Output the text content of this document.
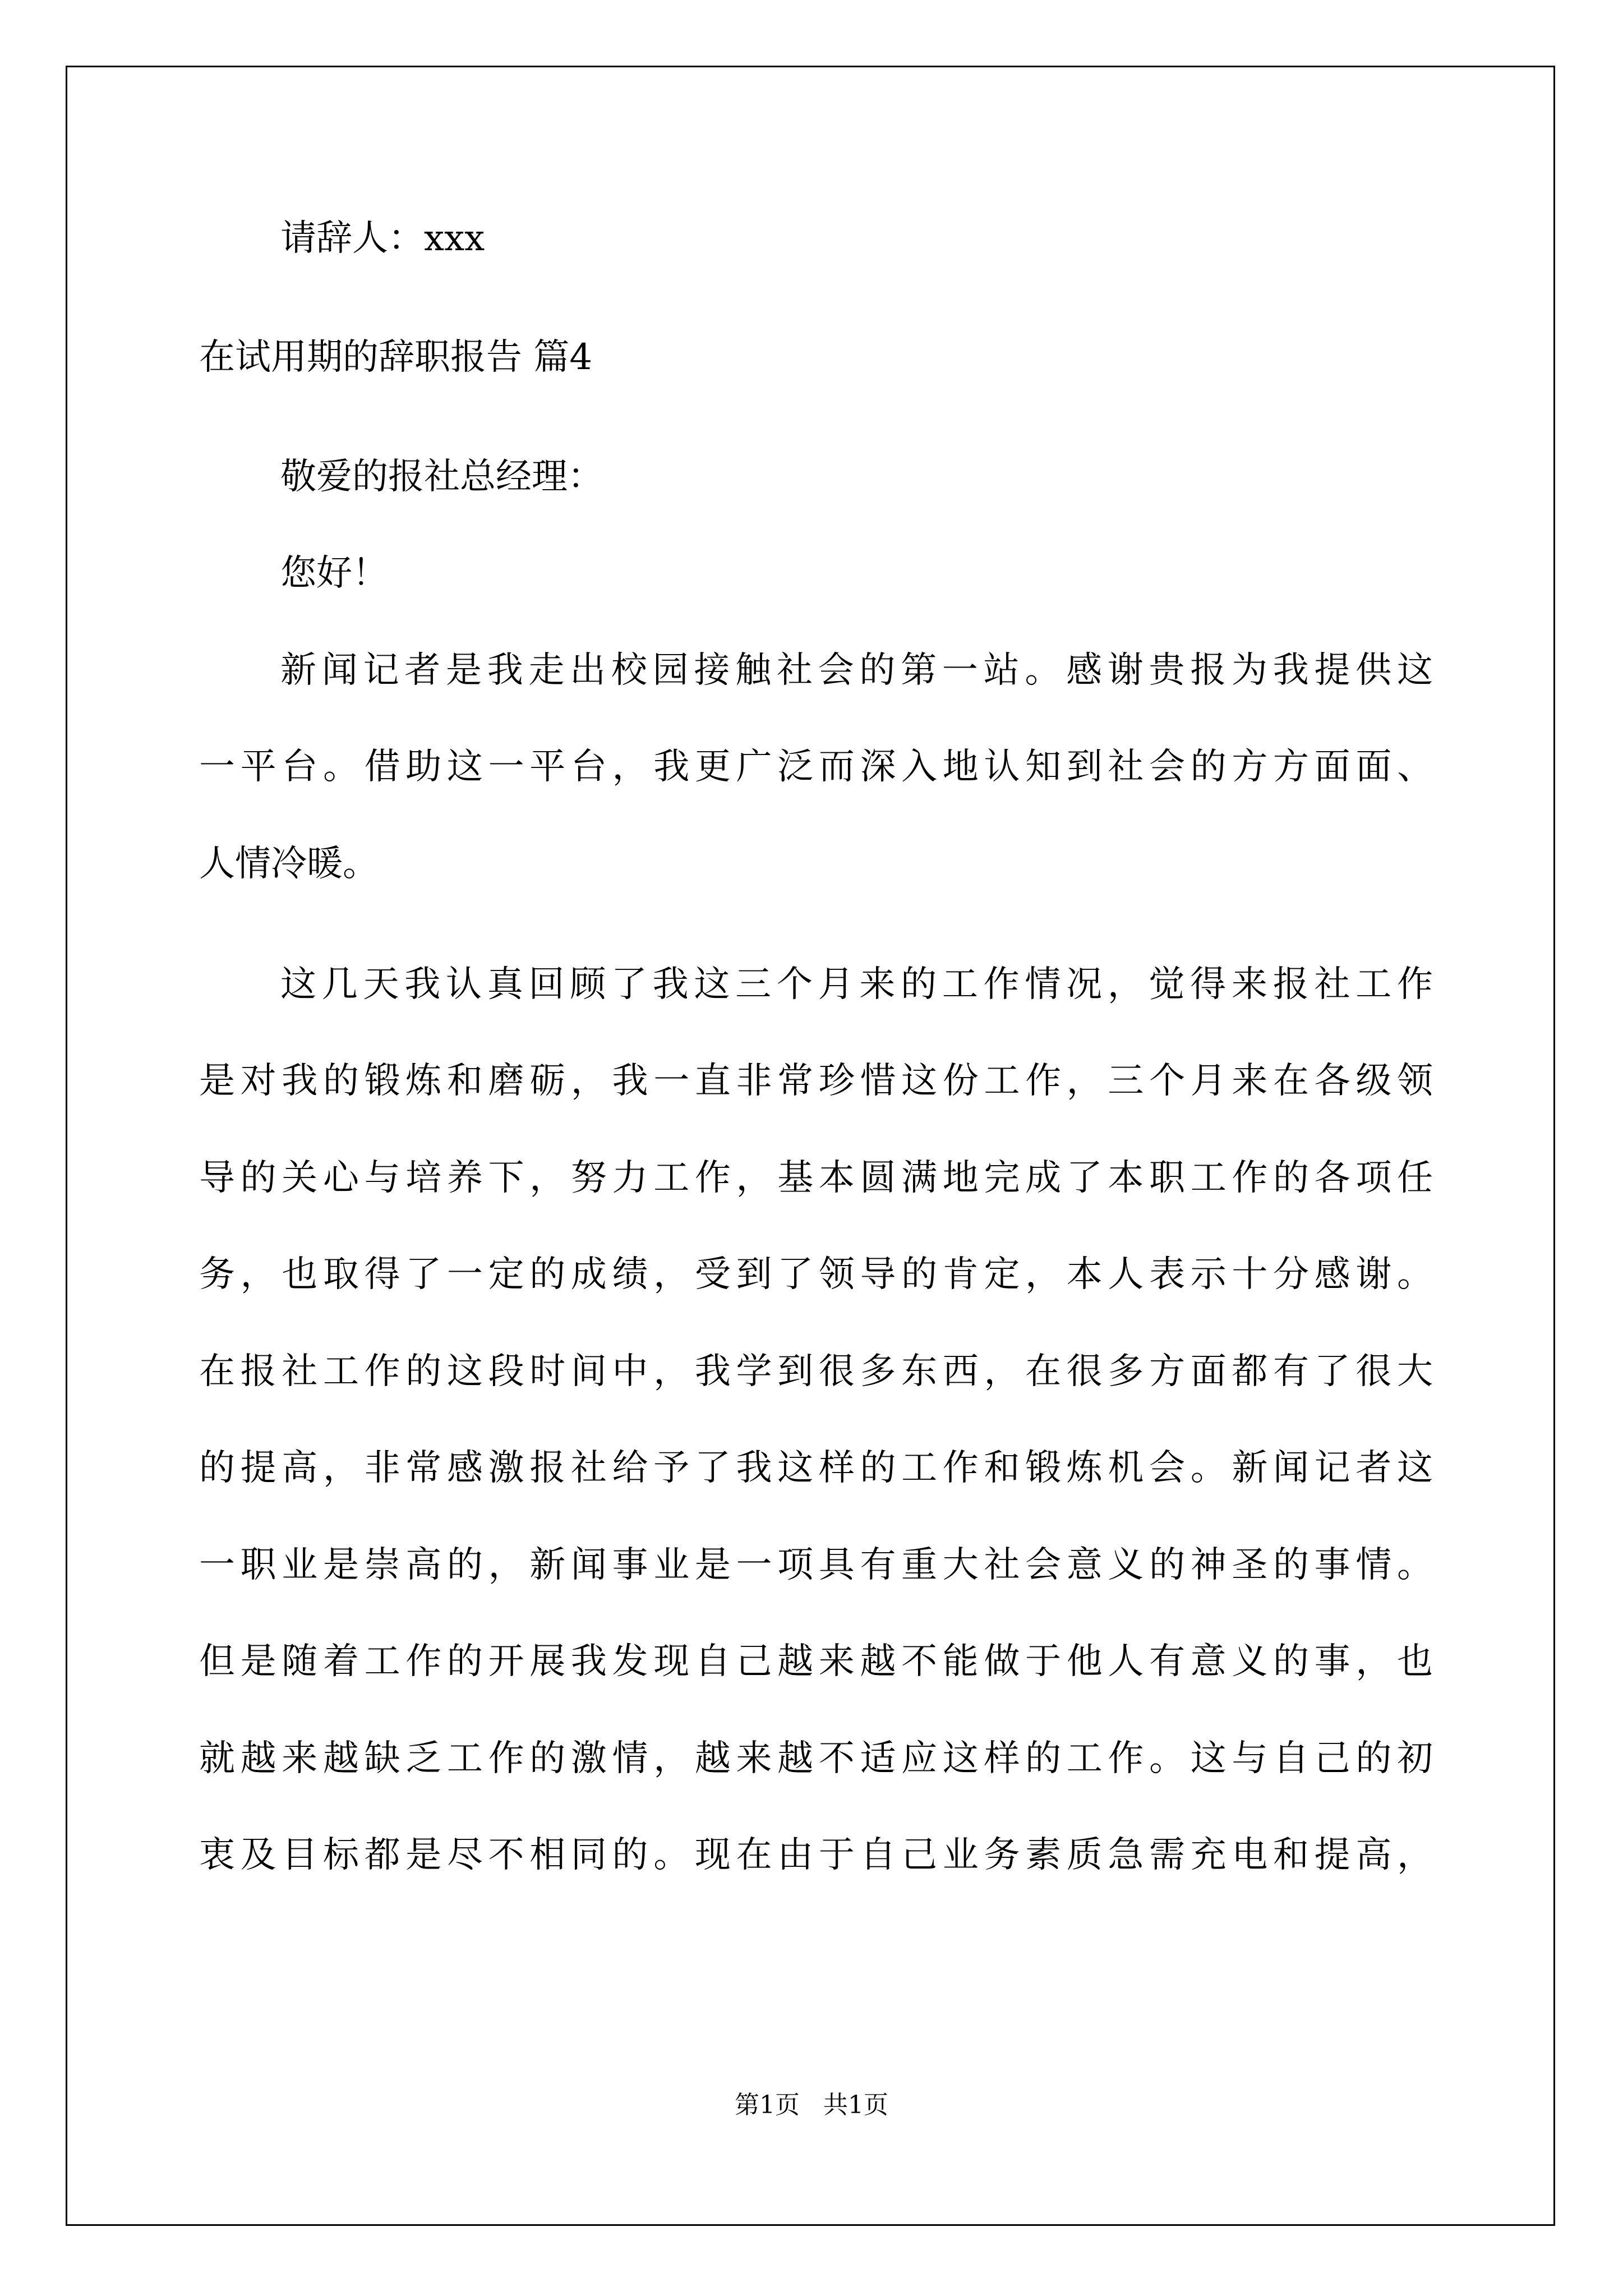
请辞人：xxx
在试用期的辞职报告 篇4
敬爱的报社总经理：
您好！
新闻记者是我走出校园接触社会的第一站。感谢贵报为我提供这
一平台。借助这一平台，我更广泛而深入地认知到社会的方方面面、
人情冷暖。
这几天我认真回顾了我这三个月来的工作情况，觉得来报社工作
是对我的锻炼和磨砺，我一直非常珍惜这份工作，三个月来在各级领
导的关心与培养下，努力工作，基本圆满地完成了本职工作的各项任
务，也取得了一定的成绩，受到了领导的肯定，本人表示十分感谢。
在报社工作的这段时间中，我学到很多东西，在很多方面都有了很大
的提高，非常感激报社给予了我这样的工作和锻炼机会。新闻记者这
一职业是崇高的，新闻事业是一项具有重大社会意义的神圣的事情。
但是随着工作的开展我发现自己越来越不能做于他人有意义的事，也
就越来越缺乏工作的激情，越来越不适应这样的工作。这与自己的初
衷及目标都是尽不相同的。现在由于自己业务素质急需充电和提高，
第1页   共1页
